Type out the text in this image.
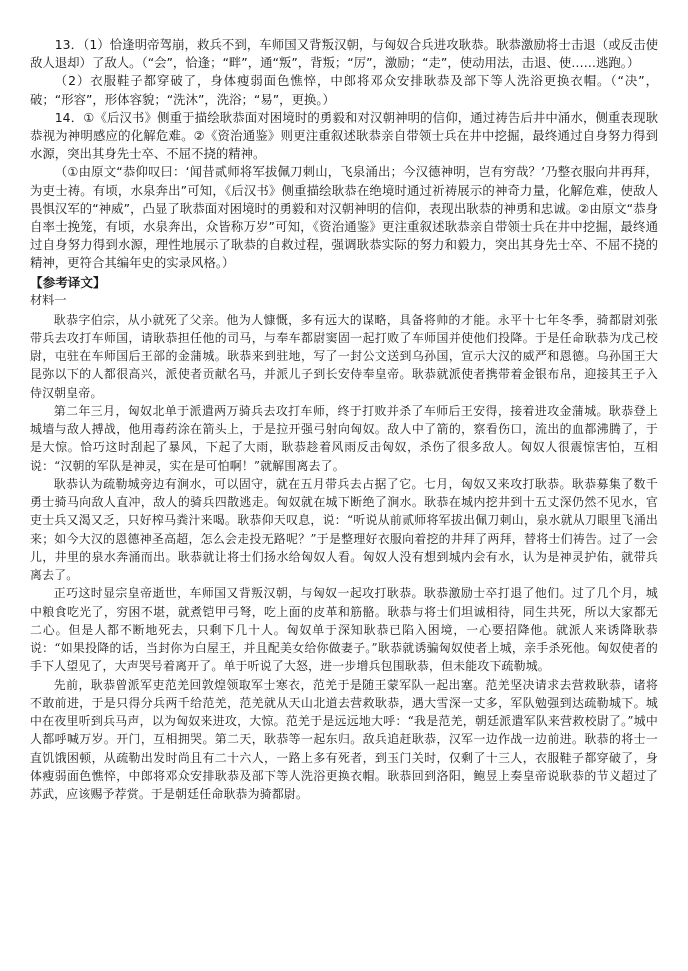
13．（1）恰逢明帝驾崩，救兵不到，车师国又背叛汉朝，与匈奴合兵进攻耿恭。耿恭激励将士击退（或反击使敌人退却）了敌人。（“会”，恰逢；“畔”，通“叛”，背叛；“厉”，激励；“走”，使动用法，击退、使……逃跑。）

（2）衣服鞋子都穿破了，身体瘦弱面色憔悴，中郎将邓众安排耿恭及部下等人洗浴更换衣帽。（“决”，破；“形容”，形体容貌；“洗沐”，洗浴；“易”，更换。）

14．①《后汉书》侧重于描绘耿恭面对困境时的勇毅和对汉朝神明的信仰，通过祷告后井中涌水，侧重表现耿恭视为神明感应的化解危难。②《资治通鉴》则更注重叙述耿恭亲自带领士兵在井中挖掘，最终通过自身努力得到水源，突出其身先士卒、不屈不挠的精神。

（①由原文“恭仰叹曰：‘闻昔贰师将军拔佩刀刺山，飞泉涌出；今汉德神明，岂有穷哉？’乃整衣服向井再拜，为吏士祷。有顷，水泉奔出”可知，《后汉书》侧重描绘耿恭在绝境时通过祈祷展示的神奇力量，化解危难，使敌人畏惧汉军的“神威”，凸显了耿恭面对困境时的勇毅和对汉朝神明的信仰，表现出耿恭的神勇和忠诚。②由原文“恭身自率士挽笼，有顷，水泉奔出，众皆称万岁”可知，《资治通鉴》更注重叙述耿恭亲自带领士兵在井中挖掘，最终通过自身努力得到水源，理性地展示了耿恭的自救过程，强调耿恭实际的努力和毅力，突出其身先士卒、不屈不挠的精神，更符合其编年史的实录风格。）

【参考译文】
材料一

耿恭字伯宗，从小就死了父亲。他为人慷慨，多有远大的谋略，具备将帅的才能。永平十七年冬季，骑都尉刘张带兵去攻打车师国，请耿恭担任他的司马，与奉车都尉窦固一起打败了车师国并使他们投降。于是任命耿恭为戊己校尉，屯驻在车师国后王部的金蒲城。耿恭来到驻地，写了一封公文送到乌孙国，宣示大汉的威严和恩德。乌孙国王大昆弥以下的人都很高兴，派使者贡献名马，并派儿子到长安侍奉皇帝。耿恭就派使者携带着金银布帛，迎接其王子入侍汉朝皇帝。

第二年三月，匈奴北单于派遣两万骑兵去攻打车师，终于打败并杀了车师后王安得，接着进攻金蒲城。耿恭登上城墙与敌人搏战，他用毒药涂在箭头上，于是拉开强弓射向匈奴。敌人中了箭的，察看伤口，流出的血都沸腾了，于是大惊。恰巧这时刮起了暴风，下起了大雨，耿恭趁着风雨反击匈奴，杀伤了很多敌人。匈奴人很震惊害怕，互相说：“汉朝的军队是神灵，实在是可怕啊！”就解围离去了。

耿恭认为疏勒城旁边有涧水，可以固守，就在五月带兵去占据了它。七月，匈奴又来攻打耿恭。耿恭募集了数千勇士骑马向敌人直冲，敌人的骑兵四散逃走。匈奴就在城下断绝了涧水。耿恭在城内挖井到十五丈深仍然不见水，官吏士兵又渴又乏，只好榨马粪汁来喝。耿恭仰天叹息，说：“听说从前贰师将军拔出佩刀刺山，泉水就从刀眼里飞涌出来；如今大汉的恩德神圣高超，怎么会走投无路呢？”于是整理好衣服向着挖的井拜了两拜，替将士们祷告。过了一会儿，井里的泉水奔涌而出。耿恭就让将士们扬水给匈奴人看。匈奴人没有想到城内会有水，认为是神灵护佑，就带兵离去了。

正巧这时显宗皇帝逝世，车师国又背叛汉朝，与匈奴一起攻打耿恭。耿恭激励士卒打退了他们。过了几个月，城中粮食吃光了，穷困不堪，就煮铠甲弓弩，吃上面的皮革和筋骼。耿恭与将士们坦诚相待，同生共死，所以大家都无二心。但是人都不断地死去，只剩下几十人。匈奴单于深知耿恭已陷入困境，一心要招降他。就派人来诱降耿恭说：“如果投降的话，当封你为白屋王，并且配美女给你做妻子。”耿恭就诱骗匈奴使者上城，亲手杀死他。匈奴使者的手下人望见了，大声哭号着离开了。单于听说了大怒，进一步增兵包围耿恭，但未能攻下疏勒城。

先前，耿恭曾派军吏范羌回敦煌领取军士寒衣，范羌于是随王蒙军队一起出塞。范羌坚决请求去营救耿恭，诸将不敢前进，于是只得分兵两千给范羌，范羌就从天山北道去营救耿恭，遇大雪深一丈多，军队勉强到达疏勒城下。城中在夜里听到兵马声，以为匈奴来进攻，大惊。范羌于是远远地大呼：“我是范羌，朝廷派遣军队来营救校尉了。”城中人都呼喊万岁。开门，互相拥哭。第二天，耿恭等一起东归。敌兵追赶耿恭，汉军一边作战一边前进。耿恭的将士一直饥饿困顿，从疏勒出发时尚且有二十六人，一路上多有死者，到玉门关时，仅剩了十三人，衣服鞋子都穿破了，身体瘦弱面色憔悴，中郎将邓众安排耿恭及部下等人洗浴更换衣帽。耿恭回到洛阳，鲍昱上奏皇帝说耿恭的节义超过了苏武，应该赐予荐赏。于是朝廷任命耿恭为骑都尉。
